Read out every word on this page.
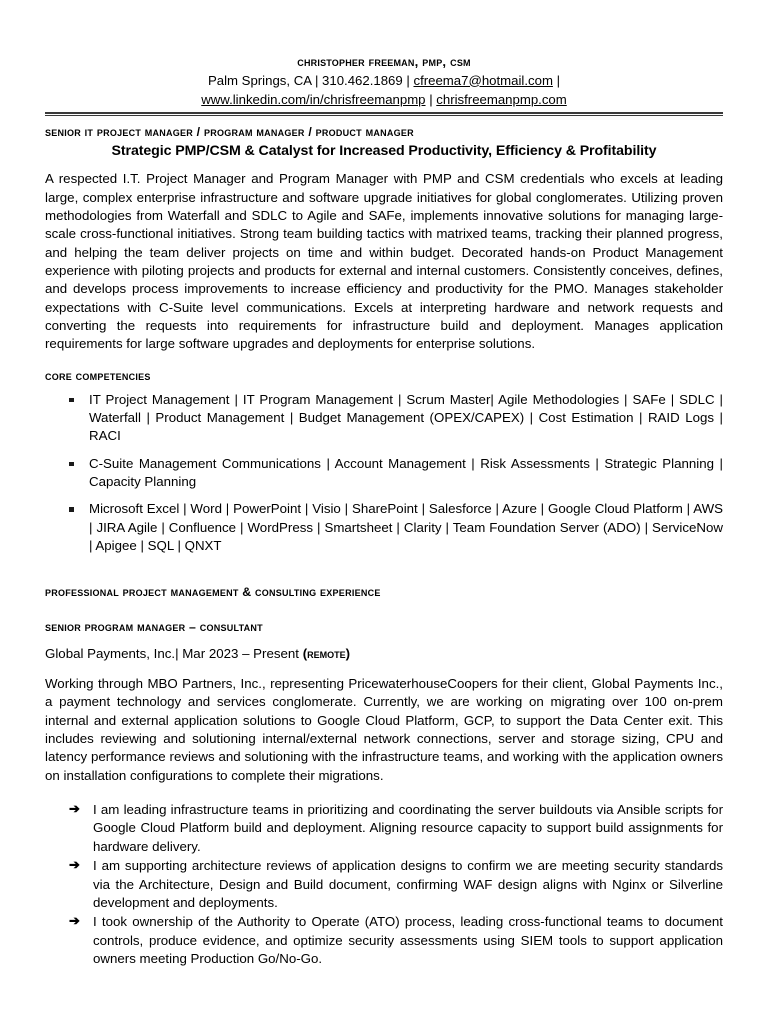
christopher freeman, pmp, csm
Palm Springs, CA | 310.462.1869 | cfreema7@hotmail.com |
www.linkedin.com/in/chrisfreemanpmp | chrisfreemanpmp.com
senior it project manager / program manager / product manager
Strategic PMP/CSM & Catalyst for Increased Productivity, Efficiency & Profitability
A respected I.T. Project Manager and Program Manager with PMP and CSM credentials who excels at leading large, complex enterprise infrastructure and software upgrade initiatives for global conglomerates. Utilizing proven methodologies from Waterfall and SDLC to Agile and SAFe, implements innovative solutions for managing large-scale cross-functional initiatives. Strong team building tactics with matrixed teams, tracking their planned progress, and helping the team deliver projects on time and within budget. Decorated hands-on Product Management experience with piloting projects and products for external and internal customers. Consistently conceives, defines, and develops process improvements to increase efficiency and productivity for the PMO. Manages stakeholder expectations with C-Suite level communications. Excels at interpreting hardware and network requests and converting the requests into requirements for infrastructure build and deployment. Manages application requirements for large software upgrades and deployments for enterprise solutions.
core competencies
IT Project Management | IT Program Management | Scrum Master| Agile Methodologies | SAFe | SDLC | Waterfall | Product Management | Budget Management (OPEX/CAPEX) | Cost Estimation | RAID Logs | RACI
C-Suite Management Communications | Account Management | Risk Assessments | Strategic Planning | Capacity Planning
Microsoft Excel | Word | PowerPoint | Visio | SharePoint | Salesforce | Azure | Google Cloud Platform | AWS | JIRA Agile | Confluence | WordPress | Smartsheet | Clarity | Team Foundation Server (ADO) | ServiceNow | Apigee | SQL | QNXT
professional project management & consulting experience
senior program manager – consultant
Global Payments, Inc.| Mar 2023 – Present (remote)
Working through MBO Partners, Inc., representing PricewaterhouseCoopers for their client, Global Payments Inc., a payment technology and services conglomerate. Currently, we are working on migrating over 100 on-prem internal and external application solutions to Google Cloud Platform, GCP, to support the Data Center exit. This includes reviewing and solutioning internal/external network connections, server and storage sizing, CPU and latency performance reviews and solutioning with the infrastructure teams, and working with the application owners on installation configurations to complete their migrations.
➔ I am leading infrastructure teams in prioritizing and coordinating the server buildouts via Ansible scripts for Google Cloud Platform build and deployment. Aligning resource capacity to support build assignments for hardware delivery.
➔ I am supporting architecture reviews of application designs to confirm we are meeting security standards via the Architecture, Design and Build document, confirming WAF design aligns with Nginx or Silverline development and deployments.
➔ I took ownership of the Authority to Operate (ATO) process, leading cross-functional teams to document controls, produce evidence, and optimize security assessments using SIEM tools to support application owners meeting Production Go/No-Go.
